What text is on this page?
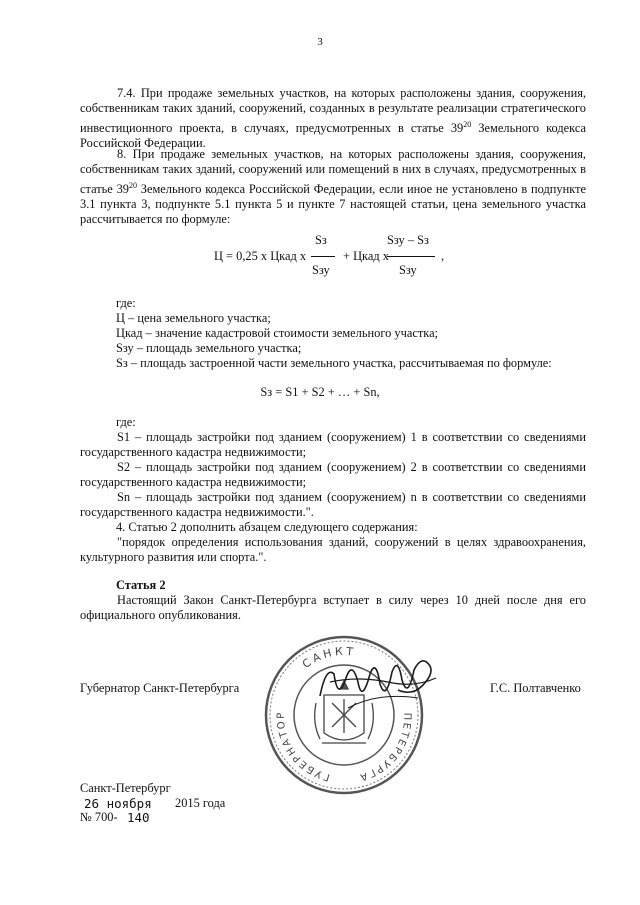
3
7.4. При продаже земельных участков, на которых расположены здания, сооружения, собственникам таких зданий, сооружений, созданных в результате реализации стратегического инвестиционного проекта, в случаях, предусмотренных в статье $39^{20}$ Земельного кодекса Российской Федерации.
8. При продаже земельных участков, на которых расположены здания, сооружения, собственникам таких зданий, сооружений или помещений в них в случаях, предусмотренных в статье $39^{20}$ Земельного кодекса Российской Федерации, если иное не установлено в подпункте 3.1 пункта 3, подпункте 5.1 пункта 5 и пункте 7 настоящей статьи, цена земельного участка рассчитывается по формуле:
Ц = 0,25 х Цкад х
Sз
Sзу
+ Цкад х
Sзу – Sз
Sзу
,
где:
Ц – цена земельного участка;
Цкад – значение кадастровой стоимости земельного участка;
Sзу – площадь земельного участка;
Sз – площадь застроенной части земельного участка, рассчитываемая по формуле:
Sз = S1 + S2 + … + Sn,
где:
S1 – площадь застройки под зданием (сооружением) 1 в соответствии со сведениями государственного кадастра недвижимости;
S2 – площадь застройки под зданием (сооружением) 2 в соответствии со сведениями государственного кадастра недвижимости;
Sn – площадь застройки под зданием (сооружением) n в соответствии со сведениями государственного кадастра недвижимости.".
4. Статью 2 дополнить абзацем следующего содержания:
"порядок определения использования зданий, сооружений в целях здравоохранения, культурного развития или спорта.".
Статья 2
Настоящий Закон Санкт-Петербурга вступает в силу через 10 дней после дня его официального опубликования.
САНКТ
ГУБЕРНАТОР	ПЕТЕРБУРГА
Губернатор Санкт-Петербурга	Г.С. Полтавченко
Санкт-Петербург
26 ноября 2015 года
№ 700- 140
